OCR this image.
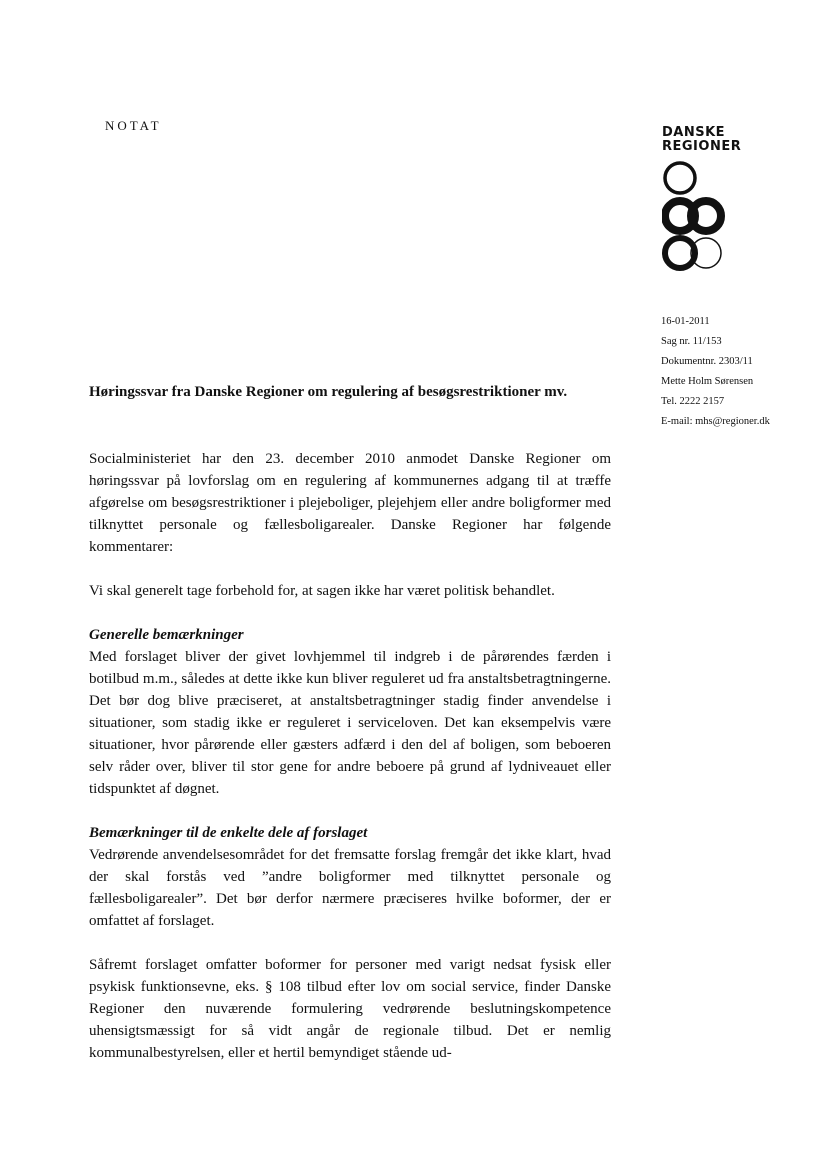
NOTAT	DANSKE
REGIONER
16-01-2011
Sag nr. 11/153
Dokumentnr. 2303/11
Mette Holm Sørensen
Tel. 2222 2157
E-mail: mhs@regioner.dk
Høringssvar fra Danske Regioner om regulering af besøgsrestriktioner mv.

Socialministeriet har den 23. december 2010 anmodet Danske Regioner om høringssvar på lovforslag om en regulering af kommunernes adgang til at træffe afgørelse om besøgsrestriktioner i plejeboliger, plejehjem eller andre boligformer med tilknyttet personale og fællesboligarealer. Danske Regioner har følgende kommentarer:

Vi skal generelt tage forbehold for, at sagen ikke har været politisk behandlet.

Generelle bemærkninger

Med forslaget bliver der givet lovhjemmel til indgreb i de pårørendes færden i botilbud m.m., således at dette ikke kun bliver reguleret ud fra anstaltsbetragtningerne. Det bør dog blive præciseret, at anstaltsbetragtninger stadig finder anvendelse i situationer, som stadig ikke er reguleret i serviceloven. Det kan eksempelvis være situationer, hvor pårørende eller gæsters adfærd i den del af boligen, som beboeren selv råder over, bliver til stor gene for andre beboere på grund af lydniveauet eller tidspunktet af døgnet.

Bemærkninger til de enkelte dele af forslaget

Vedrørende anvendelsesområdet for det fremsatte forslag fremgår det ikke klart, hvad der skal forstås ved ”andre boligformer med tilknyttet personale og fællesboligarealer”. Det bør derfor nærmere præciseres hvilke boformer, der er omfattet af forslaget.

Såfremt forslaget omfatter boformer for personer med varigt nedsat fysisk eller psykisk funktionsevne, eks. § 108 tilbud efter lov om social service, finder Danske Regioner den nuværende formulering vedrørende beslutningskompetence uhensigtsmæssigt for så vidt angår de regionale tilbud. Det er nemlig kommunalbestyrelsen, eller et hertil bemyndiget stående ud-
